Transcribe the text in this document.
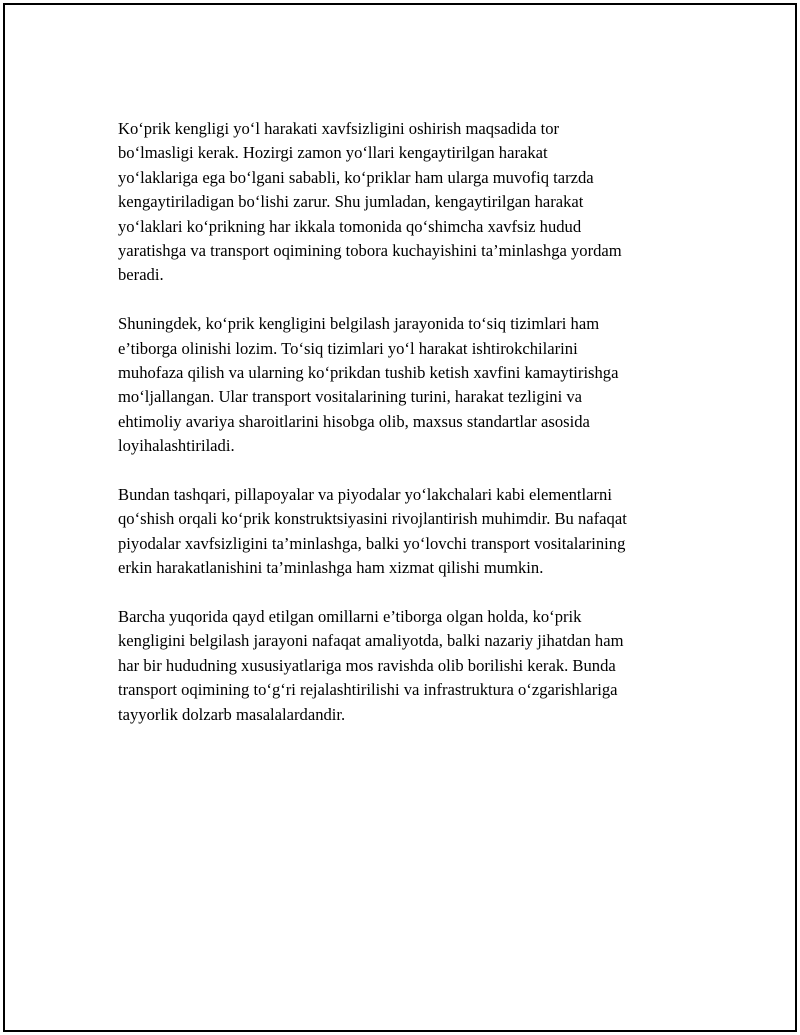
Ko‘prik kengligi yo‘l harakati xavfsizligini oshirish maqsadida tor
bo‘lmasligi kerak. Hozirgi zamon yo‘llari kengaytirilgan harakat
yo‘laklariga ega bo‘lgani sababli, ko‘priklar ham ularga muvofiq tarzda
kengaytiriladigan bo‘lishi zarur. Shu jumladan, kengaytirilgan harakat
yo‘laklari ko‘prikning har ikkala tomonida qo‘shimcha xavfsiz hudud
yaratishga va transport oqimining tobora kuchayishini ta’minlashga yordam
beradi.

Shuningdek, ko‘prik kengligini belgilash jarayonida to‘siq tizimlari ham
e’tiborga olinishi lozim. To‘siq tizimlari yo‘l harakat ishtirokchilarini
muhofaza qilish va ularning ko‘prikdan tushib ketish xavfini kamaytirishga
mo‘ljallangan. Ular transport vositalarining turini, harakat tezligini va
ehtimoliy avariya sharoitlarini hisobga olib, maxsus standartlar asosida
loyihalashtiriladi.

Bundan tashqari, pillapoyalar va piyodalar yo‘lakchalari kabi elementlarni
qo‘shish orqali ko‘prik konstruktsiyasini rivojlantirish muhimdir. Bu nafaqat
piyodalar xavfsizligini ta’minlashga, balki yo‘lovchi transport vositalarining
erkin harakatlanishini ta’minlashga ham xizmat qilishi mumkin.

Barcha yuqorida qayd etilgan omillarni e’tiborga olgan holda, ko‘prik
kengligini belgilash jarayoni nafaqat amaliyotda, balki nazariy jihatdan ham
har bir hududning xususiyatlariga mos ravishda olib borilishi kerak. Bunda
transport oqimining to‘g‘ri rejalashtirilishi va infrastruktura o‘zgarishlariga
tayyorlik dolzarb masalalardandir.
